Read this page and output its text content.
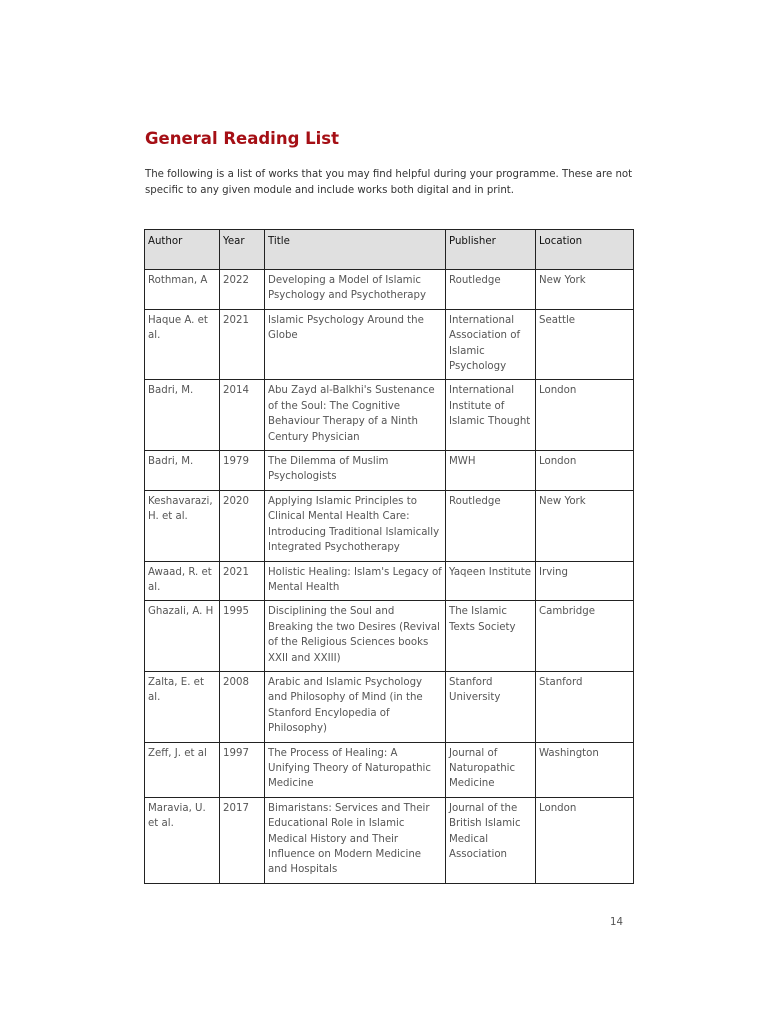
General Reading List

The following is a list of works that you may find helpful during your programme. These are not specific to any given module and include works both digital and in print.

Author	Year	Title	Publisher	Location
Rothman, A	2022	Developing a Model of Islamic Psychology and Psychotherapy	Routledge	New York
Haque A. et al.	2021	Islamic Psychology Around the Globe	International Association of Islamic Psychology	Seattle
Badri, M.	2014	Abu Zayd al-Balkhi's Sustenance of the Soul: The Cognitive Behaviour Therapy of a Ninth Century Physician	International Institute of Islamic Thought	London
Badri, M.	1979	The Dilemma of Muslim Psychologists	MWH	London
Keshavarazi, H. et al.	2020	Applying Islamic Principles to Clinical Mental Health Care: Introducing Traditional Islamically Integrated Psychotherapy	Routledge	New York
Awaad, R. et al.	2021	Holistic Healing: Islam's Legacy of Mental Health	Yaqeen Institute	Irving
Ghazali, A. H	1995	Disciplining the Soul and Breaking the two Desires (Revival of the Religious Sciences books XXII and XXIII)	The Islamic Texts Society	Cambridge
Zalta, E. et al.	2008	Arabic and Islamic Psychology and Philosophy of Mind (in the Stanford Encylopedia of Philosophy)	Stanford University	Stanford
Zeff, J. et al	1997	The Process of Healing: A Unifying Theory of Naturopathic Medicine	Journal of Naturopathic Medicine	Washington
Maravia, U. et al.	2017	Bimaristans: Services and Their Educational Role in Islamic Medical History and Their Influence on Modern Medicine and Hospitals	Journal of the British Islamic Medical Association	London
14
